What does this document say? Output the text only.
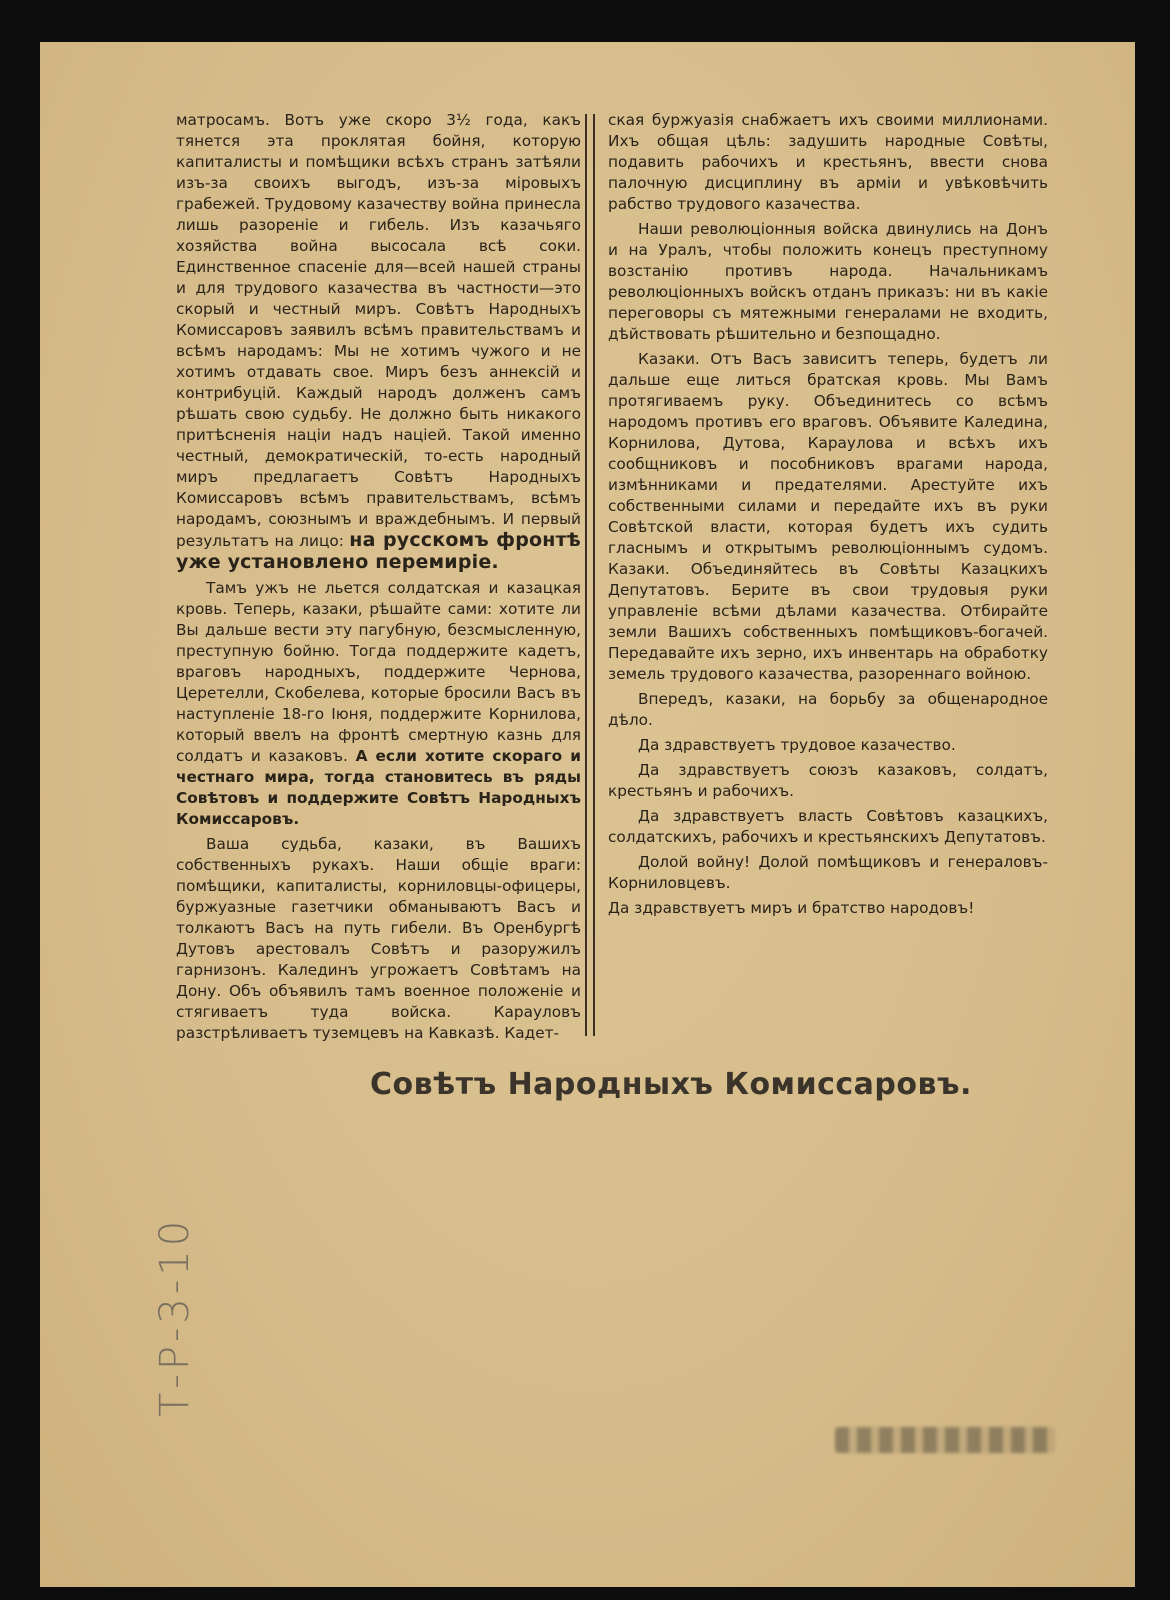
матросамъ. Вотъ уже скоро 3½ года, какъ тянется эта проклятая бойня, которую капиталисты и помѣщики всѣхъ странъ затѣяли изъ-за своихъ выгодъ, изъ-за мiровыхъ грабежей. Трудовому казачеству война принесла лишь разореніе и гибель. Изъ казачьяго хозяйства война высосала всѣ соки. Единственное спасеніе для—всей нашей страны и для трудового казачества въ частности—это скорый и честный миръ. Совѣтъ Народныхъ Комиссаровъ заявилъ всѣмъ правительствамъ и всѣмъ народамъ: Мы не хотимъ чужого и не хотимъ отдавать свое. Миръ безъ аннексій и контрибуцій. Каждый народъ долженъ самъ рѣшать свою судьбу. Не должно быть никакого притѣсненія націи надъ націей. Такой именно честный, демократическій, то-есть народный миръ предлагаетъ Совѣтъ Народныхъ Комиссаровъ всѣмъ правительствамъ, всѣмъ народамъ, союзнымъ и враждебнымъ. И первый результатъ на лицо: на русскомъ фронтѣ уже установлено перемиріе.

Тамъ ужъ не льется солдатская и казацкая кровь. Теперь, казаки, рѣшайте сами: хотите ли Вы дальше вести эту пагубную, безсмысленную, преступную бойню. Тогда поддержите кадетъ, враговъ народныхъ, поддержите Чернова, Церетелли, Скобелева, которые бросили Васъ въ наступленіе 18-го Іюня, поддержите Корнилова, который ввелъ на фронтѣ смертную казнь для солдатъ и казаковъ. А если хотите скораго и честнаго мира, тогда становитесь въ ряды Совѣтовъ и поддержите Совѣтъ Народныхъ Комиссаровъ.

Ваша судьба, казаки, въ Вашихъ собственныхъ рукахъ. Наши общіе враги: помѣщики, капиталисты, корниловцы-офицеры, буржуазные газетчики обманываютъ Васъ и толкаютъ Васъ на путь гибели. Въ Оренбургѣ Дутовъ арестовалъ Совѣтъ и разоружилъ гарнизонъ. Калединъ угрожаетъ Совѣтамъ на Дону. Объ объявилъ тамъ военное положеніе и стягиваетъ туда войска. Карауловъ разстрѣливаетъ туземцевъ на Кавказѣ. Кадет-

ская буржуазія снабжаетъ ихъ своими миллионами. Ихъ общая цѣль: задушить народные Совѣты, подавить рабочихъ и крестьянъ, ввести снова палочную дисциплину въ арміи и увѣковѣчить рабство трудового казачества.

Наши революціонныя войска двинулись на Донъ и на Уралъ, чтобы положить конецъ преступному возстанію противъ народа. Начальникамъ революціонныхъ войскъ отданъ приказъ: ни въ какіе переговоры съ мятежными генералами не входить, дѣйствовать рѣшительно и безпощадно.

Казаки. Отъ Васъ зависитъ теперь, будетъ ли дальше еще литься братская кровь. Мы Вамъ протягиваемъ руку. Объединитесь со всѣмъ народомъ противъ его враговъ. Объявите Каледина, Корнилова, Дутова, Караулова и всѣхъ ихъ сообщниковъ и пособниковъ врагами народа, измѣнниками и предателями. Арестуйте ихъ собственными силами и передайте ихъ въ руки Совѣтской власти, которая будетъ ихъ судить гласнымъ и открытымъ революціоннымъ судомъ. Казаки. Объединяйтесь въ Совѣты Казацкихъ Депутатовъ. Берите въ свои трудовыя руки управленіе всѣми дѣлами казачества. Отбирайте земли Вашихъ собственныхъ помѣщиковъ-богачей. Передавайте ихъ зерно, ихъ инвентарь на обработку земель трудового казачества, разореннаго войною.

Впередъ, казаки, на борьбу за общенародное дѣло.

Да здравствуетъ трудовое казачество.

Да здравствуетъ союзъ казаковъ, солдатъ, крестьянъ и рабочихъ.

Да здравствуетъ власть Совѣтовъ казацкихъ, солдатскихъ, рабочихъ и крестьянскихъ Депутатовъ.

Долой войну! Долой помѣщиковъ и генераловъ-Корниловцевъ.

Да здравствуетъ миръ и братство народовъ!

Совѣтъ Народныхъ Комиссаровъ.
Т-Р-3-10
